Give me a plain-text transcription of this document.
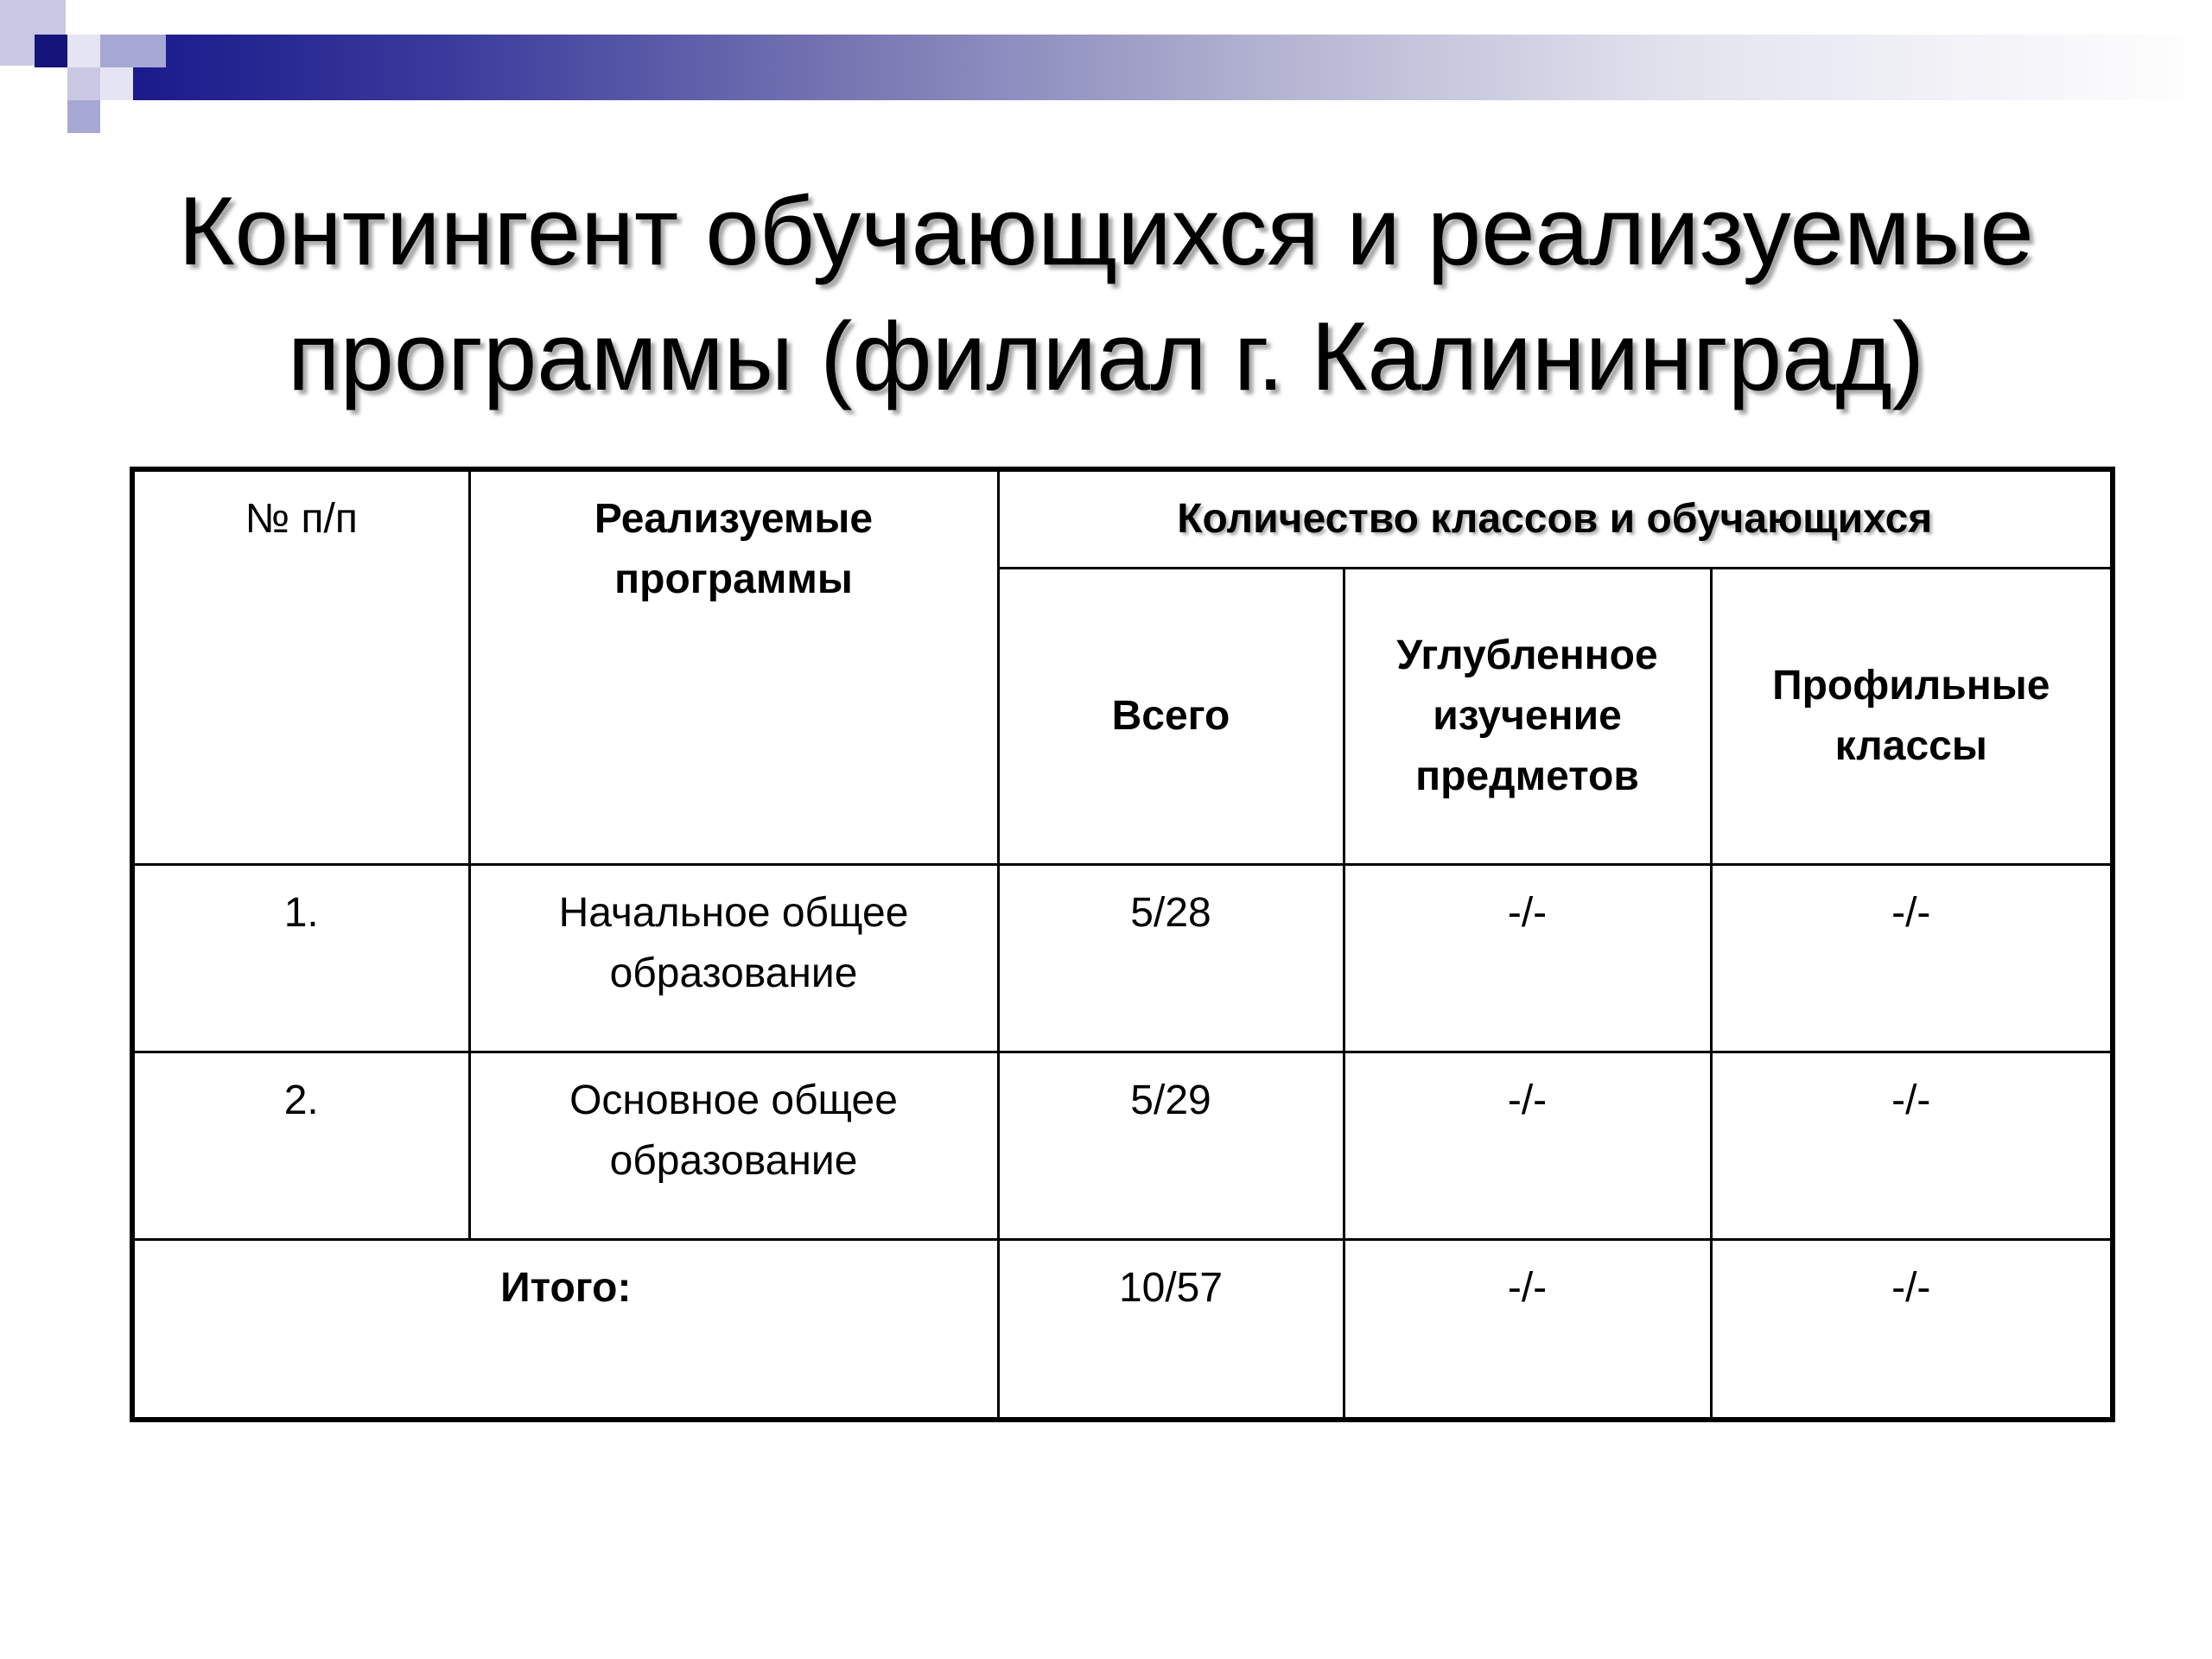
Контингент обучающихся и реализуемые
программы (филиал г. Калининград)
№ п/п	Реализуемые программы	Количество классов и обучающихся		
		Всего	Углубленное изучение предметов	Профильные классы
1.	Начальное общее образование	5/28	-/-	-/-
2.	Основное общее образование	5/29	-/-	-/-
Итого:		10/57	-/-	-/-
